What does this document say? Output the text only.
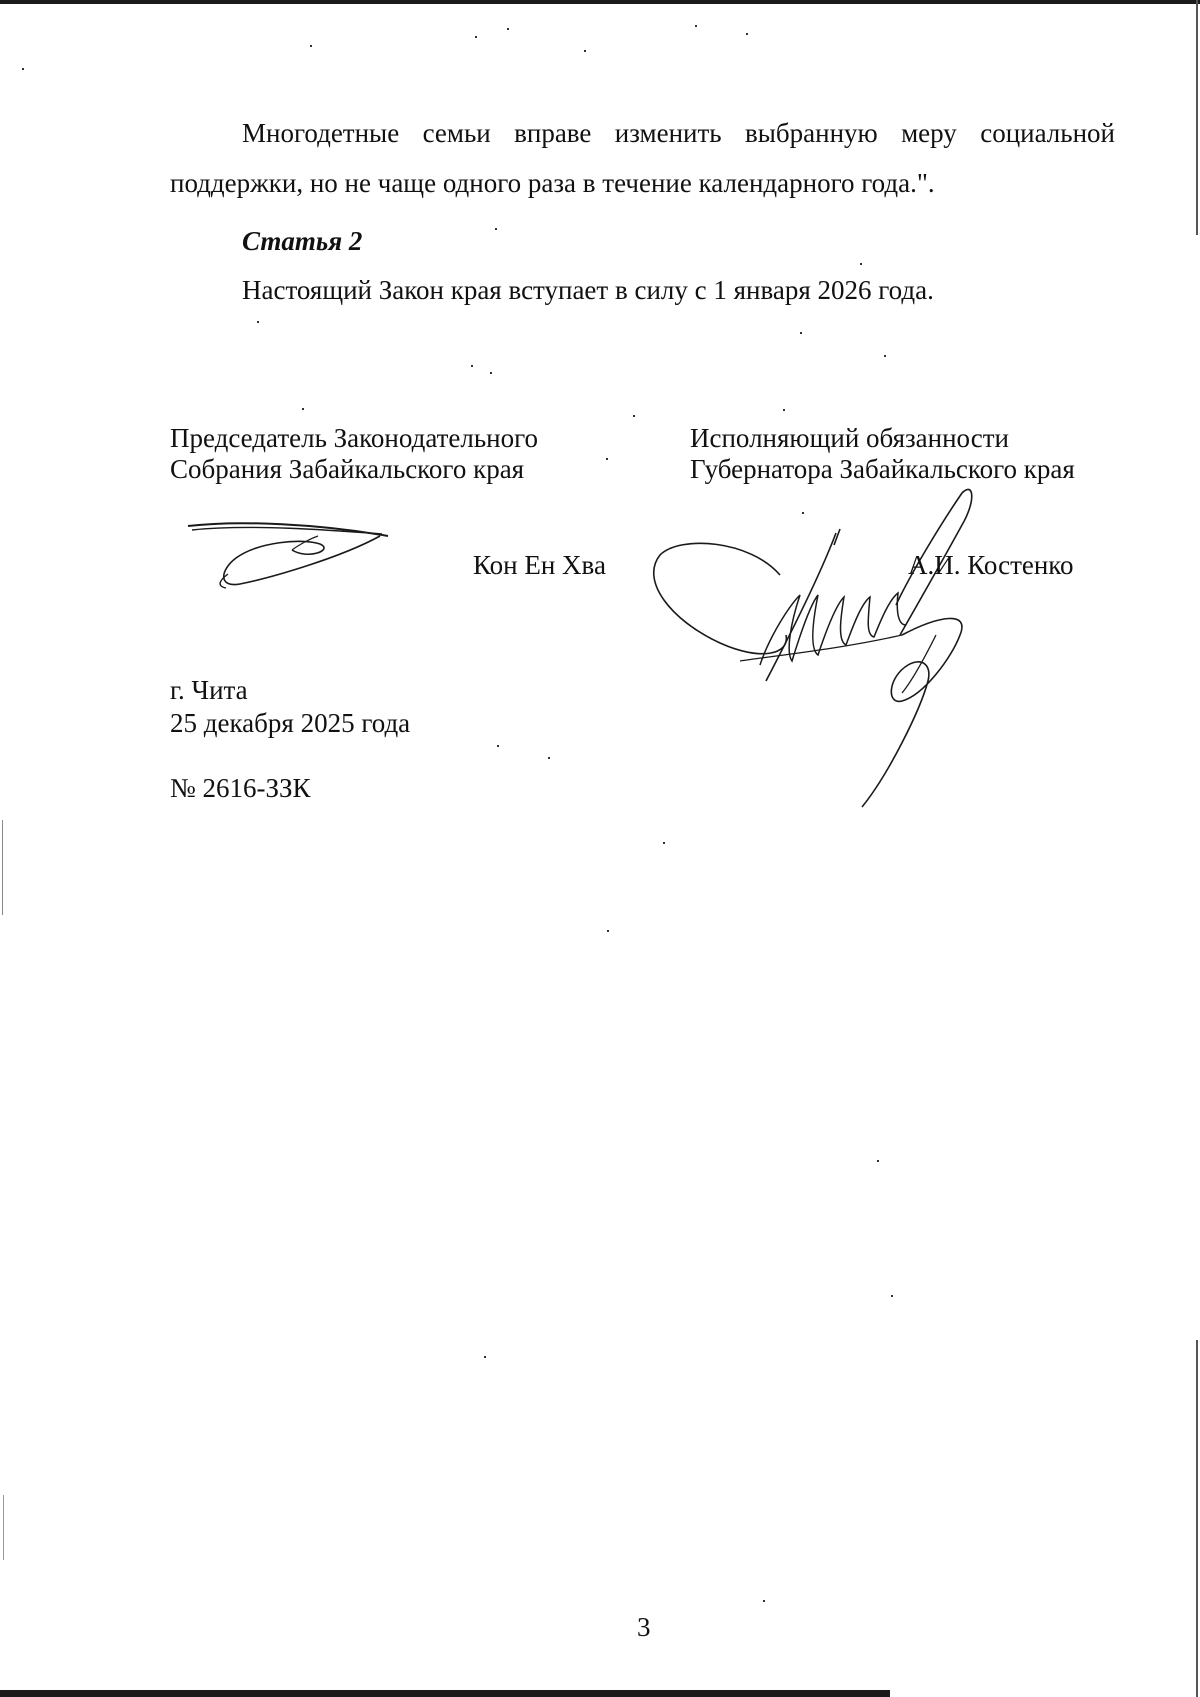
Многодетные семьи вправе изменить выбранную меру социальной поддержки, но не чаще одного раза в течение календарного года.".

Статья 2

Настоящий Закон края вступает в силу с 1 января 2026 года.

Председатель Законодательного
Собрания Забайкальского края
Кон Ен Хва
Исполняющий обязанности
Губернатора Забайкальского края
А.И. Костенко
г. Чита
25 декабря 2025 года
№ 2616-ЗЗК
3
